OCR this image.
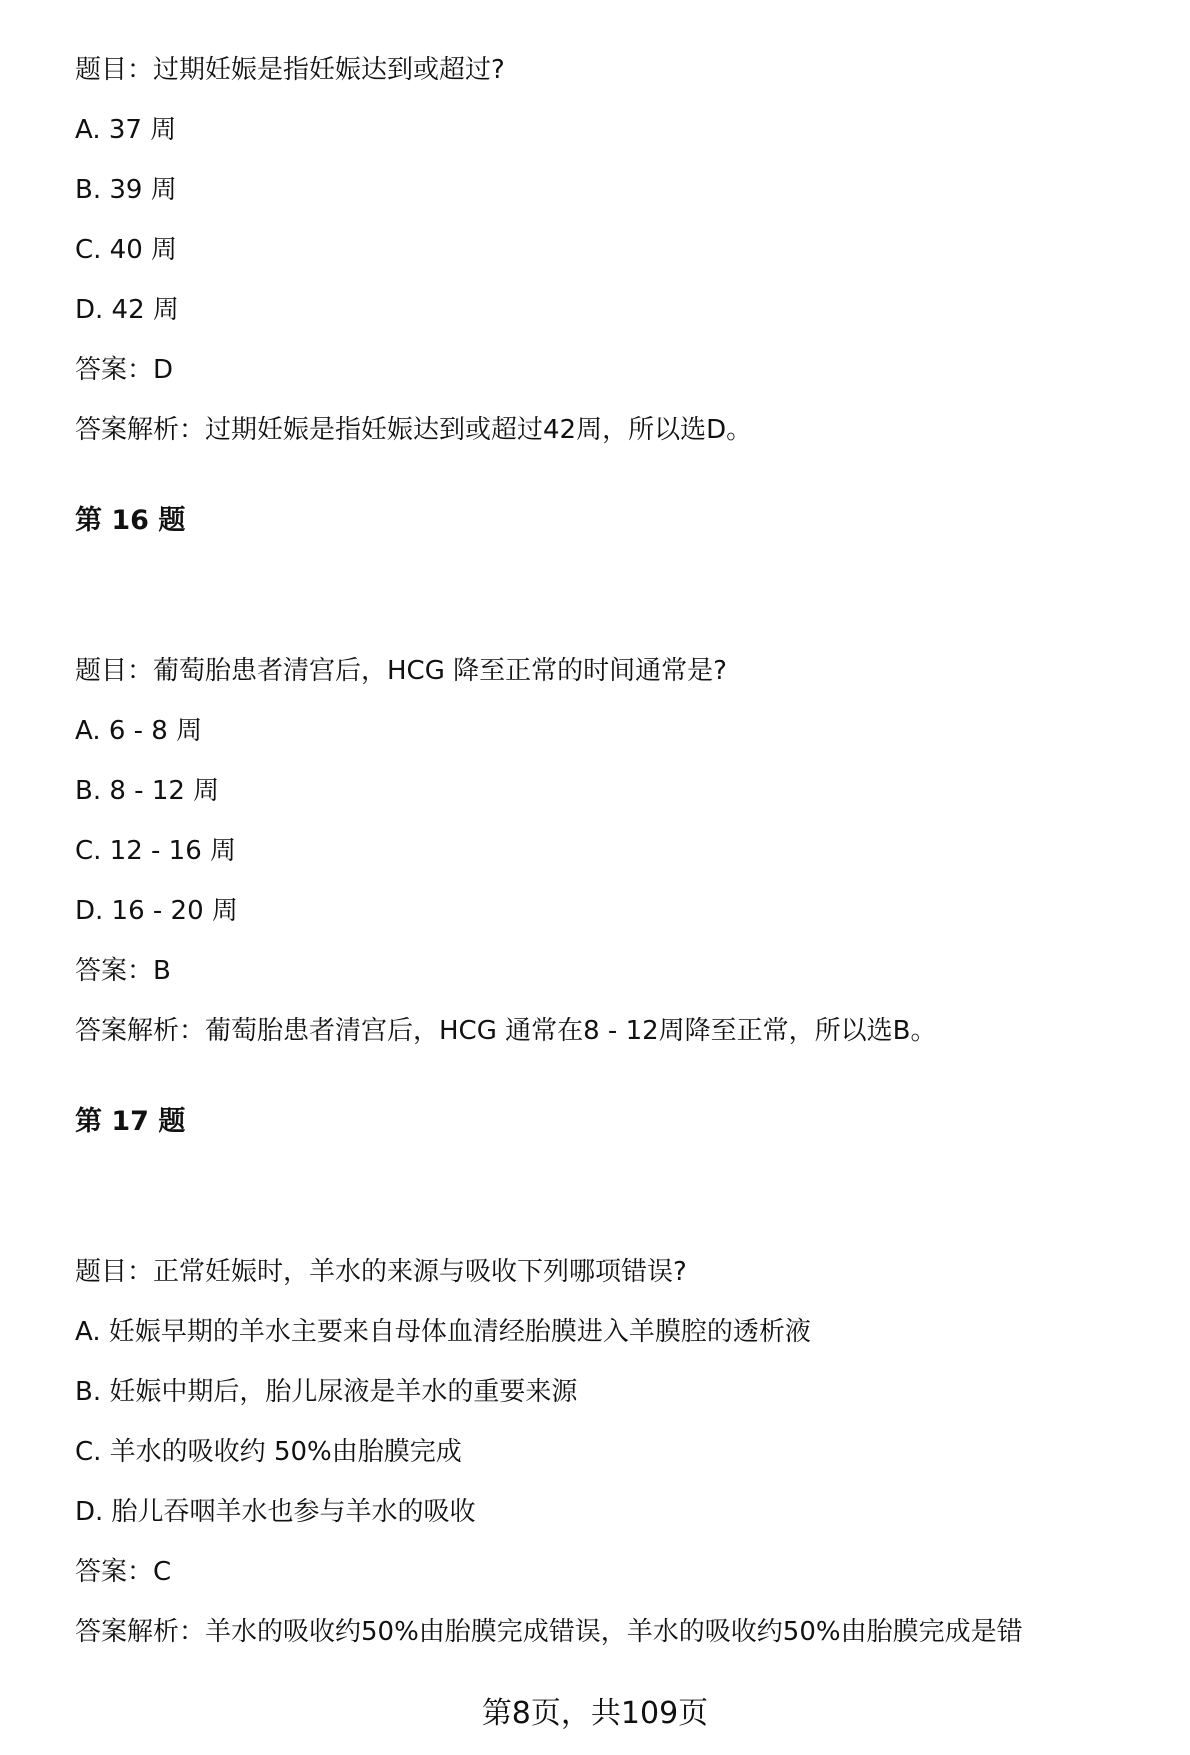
题目：过期妊娠是指妊娠达到或超过?
A. 37 周
B. 39 周
C. 40 周
D. 42 周
答案：D
答案解析：过期妊娠是指妊娠达到或超过42周，所以选D。
第 16 题
题目：葡萄胎患者清宫后，HCG 降至正常的时间通常是?
A. 6 - 8 周
B. 8 - 12 周
C. 12 - 16 周
D. 16 - 20 周
答案：B
答案解析：葡萄胎患者清宫后，HCG 通常在8 - 12周降至正常，所以选B。
第 17 题
题目：正常妊娠时，羊水的来源与吸收下列哪项错误?
A. 妊娠早期的羊水主要来自母体血清经胎膜进入羊膜腔的透析液
B. 妊娠中期后，胎儿尿液是羊水的重要来源
C. 羊水的吸收约 50%由胎膜完成
D. 胎儿吞咽羊水也参与羊水的吸收
答案：C
答案解析：羊水的吸收约50%由胎膜完成错误，羊水的吸收约50%由胎膜完成是错
第8页，共109页
